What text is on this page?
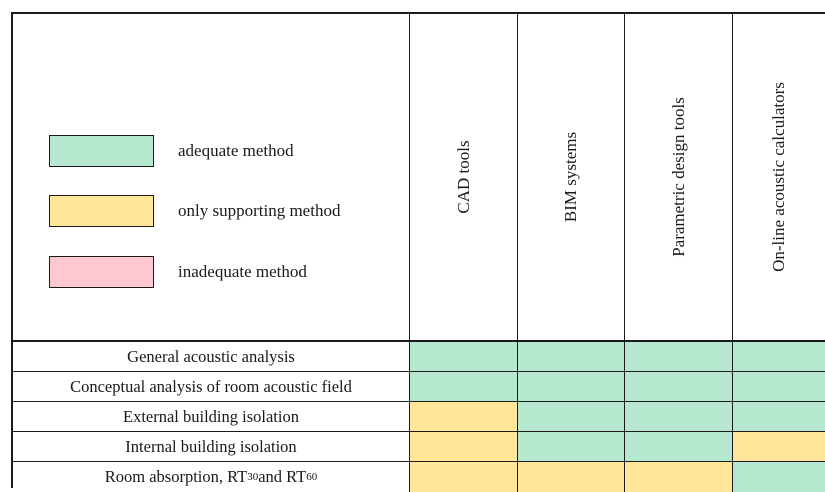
adequate method
only supporting method
inadequate method
CAD tools	BIM systems	Parametric design tools	On-line acoustic calculators
General acoustic analysis
Conceptual analysis of room acoustic field
External building isolation
Internal building isolation
Room absorption, RT 30 and RT 60
